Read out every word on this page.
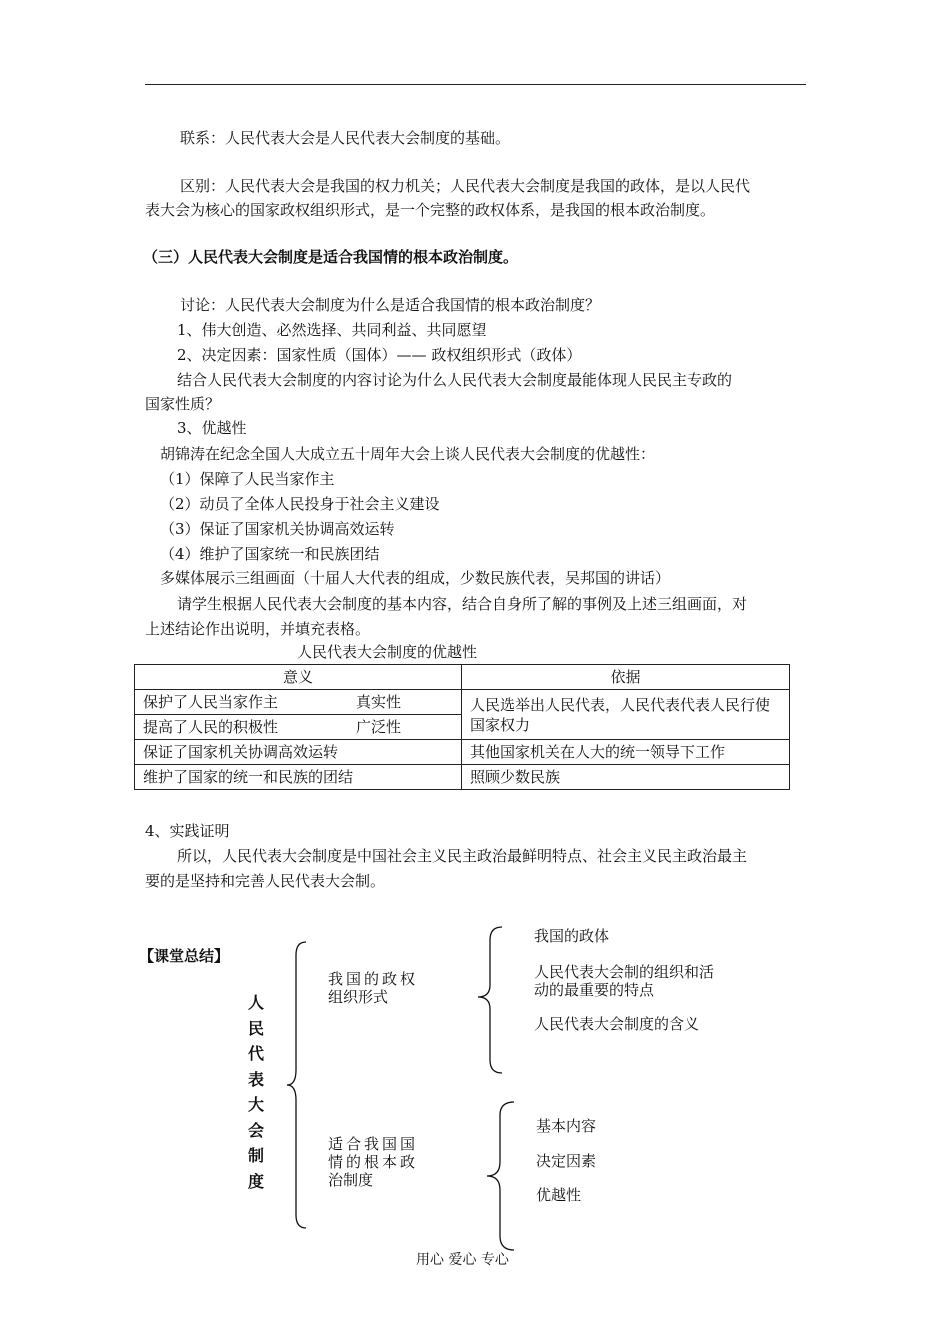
联系：人民代表大会是人民代表大会制度的基础。
区别：人民代表大会是我国的权力机关；人民代表大会制度是我国的政体，是以人民代
表大会为核心的国家政权组织形式，是一个完整的政权体系，是我国的根本政治制度。
（三）人民代表大会制度是适合我国情的根本政治制度。
讨论：人民代表大会制度为什么是适合我国情的根本政治制度？
1、伟大创造、必然选择、共同利益、共同愿望
2、决定因素：国家性质（国体）—— 政权组织形式（政体）
结合人民代表大会制度的内容讨论为什么人民代表大会制度最能体现人民民主专政的
国家性质？
3、优越性
胡锦涛在纪念全国人大成立五十周年大会上谈人民代表大会制度的优越性：
（1）保障了人民当家作主
（2）动员了全体人民投身于社会主义建设
（3）保证了国家机关协调高效运转
（4）维护了国家统一和民族团结
多媒体展示三组画面（十届人大代表的组成，少数民族代表，吴邦国的讲话）
请学生根据人民代表大会制度的基本内容，结合自身所了解的事例及上述三组画面，对
上述结论作出说明，并填充表格。
人民代表大会制度的优越性
意义	依据
保护了人民当家作主 真实性	人民选举出人民代表，人民代表代表人民行使国家权力
提高了人民的积极性 广泛性	
保证了国家机关协调高效运转	其他国家机关在人大的统一领导下工作
维护了国家的统一和民族的团结	照顾少数民族
4、实践证明
所以，人民代表大会制度是中国社会主义民主政治最鲜明特点、社会主义民主政治最主
要的是坚持和完善人民代表大会制。
【课堂总结】
人民代表大会制度
我国的政权
组织形式
我国的政体
人民代表大会制的组织和活
动的最重要的特点
人民代表大会制度的含义
适合我国国
情的根本政
治制度
基本内容
决定因素
优越性
用心 爱心 专心
